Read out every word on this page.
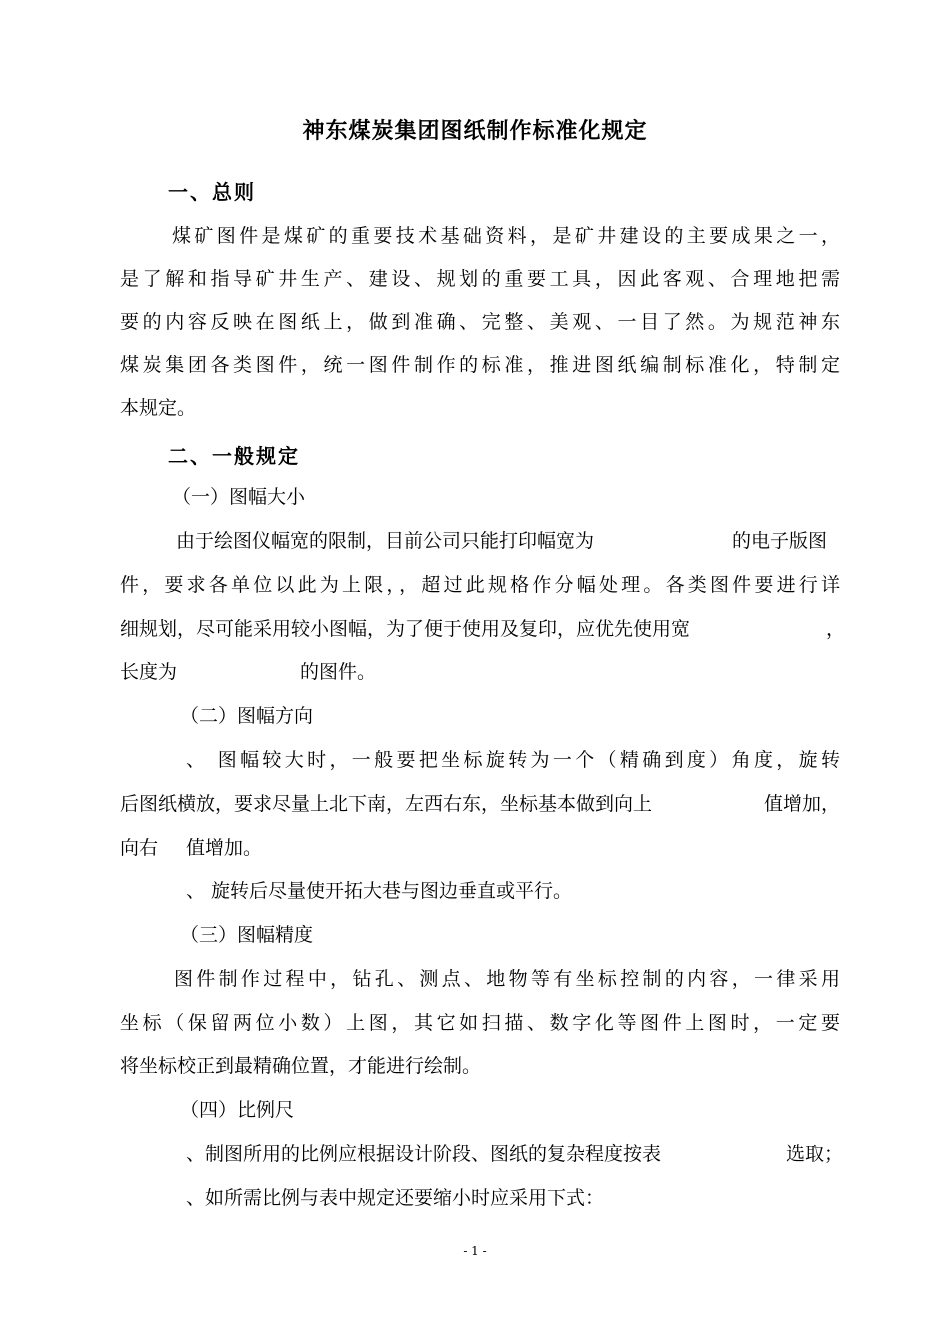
神东煤炭集团图纸制作标准化规定
一、总则
煤矿图件是煤矿的重要技术基础资料，是矿井建设的主要成果之一，
是了解和指导矿井生产、建设、规划的重要工具，因此客观、合理地把需
要的内容反映在图纸上，做到准确、完整、美观、一目了然。为规范神东
煤炭集团各类图件，统一图件制作的标准，推进图纸编制标准化，特制定
本规定。
二、一般规定
（一）图幅大小
由于绘图仪幅宽的限制，目前公司只能打印幅宽为	的电子版图
件，要求各单位以此为上限，，超过此规格作分幅处理。各类图件要进行详
细规划，尽可能采用较小图幅，为了便于使用及复印，应优先使用宽	，
长度为	的图件。
（二）图幅方向
、 图幅较大时，一般要把坐标旋转为一个（精确到度）角度，旋转
后图纸横放，要求尽量上北下南，左西右东，坐标基本做到向上	值增加，
向右 值增加。
、 旋转后尽量使开拓大巷与图边垂直或平行。
（三）图幅精度
图件制作过程中，钻孔、测点、地物等有坐标控制的内容，一律采用
坐标（保留两位小数）上图，其它如扫描、数字化等图件上图时，一定要
将坐标校正到最精确位置，才能进行绘制。
（四）比例尺
、制图所用的比例应根据设计阶段、图纸的复杂程度按表	选取；
、如所需比例与表中规定还要缩小时应采用下式：
- 1 -
